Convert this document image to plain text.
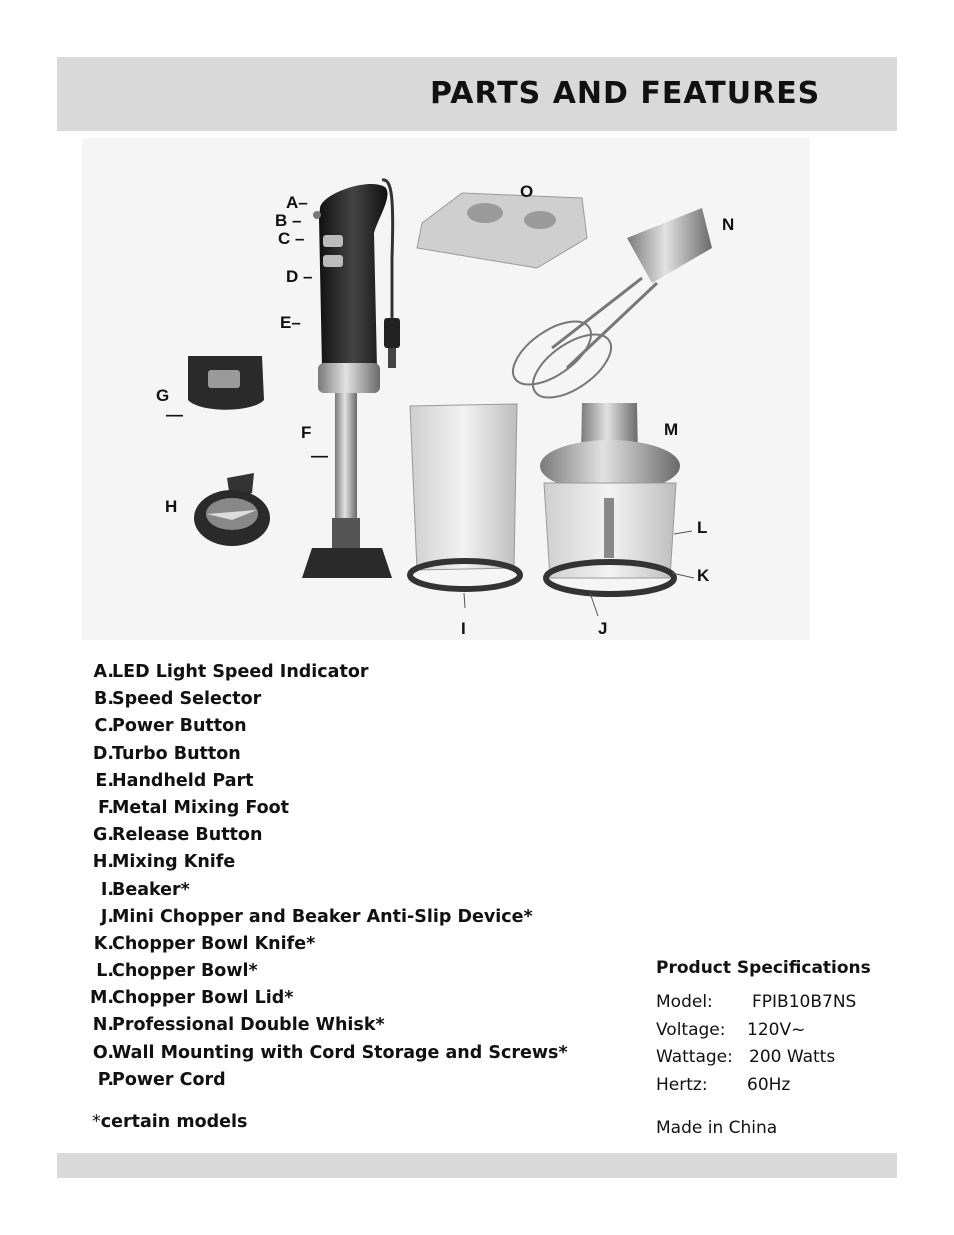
PARTS AND FEATURES
A–
B –
C –
D –
E–
F
—
G
—
H
I	J
K
L
M
N
O
A.
LED Light Speed Indicator
B.
Speed Selector
C.
Power Button
D.
Turbo Button
E.
Handheld Part
F.
Metal Mixing Foot
G.
Release Button
H.
Mixing Knife
I.
Beaker*
J.
Mini Chopper and Beaker Anti-Slip Device*
K.
Chopper Bowl Knife*
L.
Chopper Bowl*
M.
Chopper Bowl Lid*
N.
Professional Double Whisk*
O.
Wall Mounting with Cord Storage and Screws*
P.
Power Cord
*certain models
Product Specifications
Model: FPIB10B7NS
Voltage: 120V~
Wattage: 200 Watts
Hertz: 60Hz
Made in China
